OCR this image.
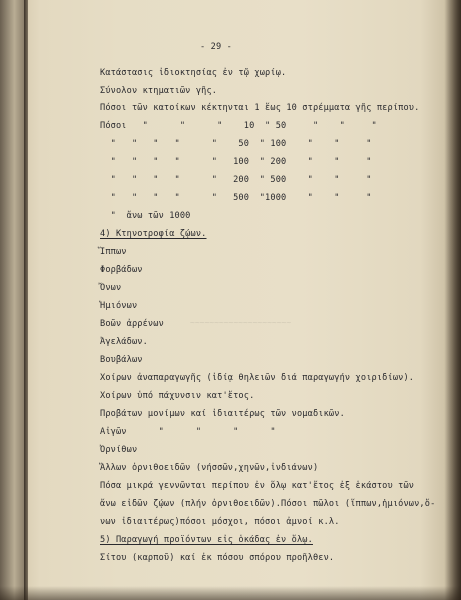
~~~~~~~~~~~~~~~~~~~~~
- 29 -
Κατάστασις ἰδιοκτησίας ἐν τῷ χωρίῳ.
Σύνολον κτηματιῶν γῆς.
Πόσοι τῶν κατοίκων κέκτηνται 1 ἕως 10 στρέμματα γῆς περίπου.
Πόσοι   "      "      "    10  " 50     "    "     "
"   "   "   "      "    50  " 100    "    "     "
"   "   "   "      "   100  " 200    "    "     "
"   "   "   "      "   200  " 500    "    "     "
"   "   "   "      "   500  "1000    "    "     "
"  ἄνω τῶν 1000
4) Κτηνοτροφία ζῴων.
Ἵππων
Φορβάδων
Ὄνων
Ἡμιόνων
Βοῶν ἀρρένων
Ἀγελάδων.
Βουβάλων
Χοίρων ἀναπαραγωγῆς (ἰδίᾳ θηλειῶν διά παραγωγήν χοιριδίων).
Χοίρων ὑπό πάχυνσιν κατ'ἔτος.
Προβάτων μονίμων καί ἰδιαιτέρως τῶν νομαδικῶν.
Αἰγῶν      "      "      "      "
Ὀρνίθων
Ἄλλων ὀρνιθοειδῶν (νήσσῶν,χηνῶν,ἰνδιάνων)
Πόσα μικρά γεννῶνται περίπου ἐν ὅλῳ κατ'ἔτος ἐξ ἑκάστου τῶν
ἄνω εἰδῶν ζῴων (πλήν ὀρνιθοειδῶν).Πόσοι πῶλοι (ἵππων,ἡμιόνων,ὄ-
νων ἰδιαιτέρως)πόσοι μόσχοι, πόσοι ἀμνοί κ.λ.
5) Παραγωγή προϊόντων εἰς ὁκάδας ἐν ὅλῳ.
Σίτου (καρποῦ) καί ἐκ πόσου σπόρου προῆλθεν.
